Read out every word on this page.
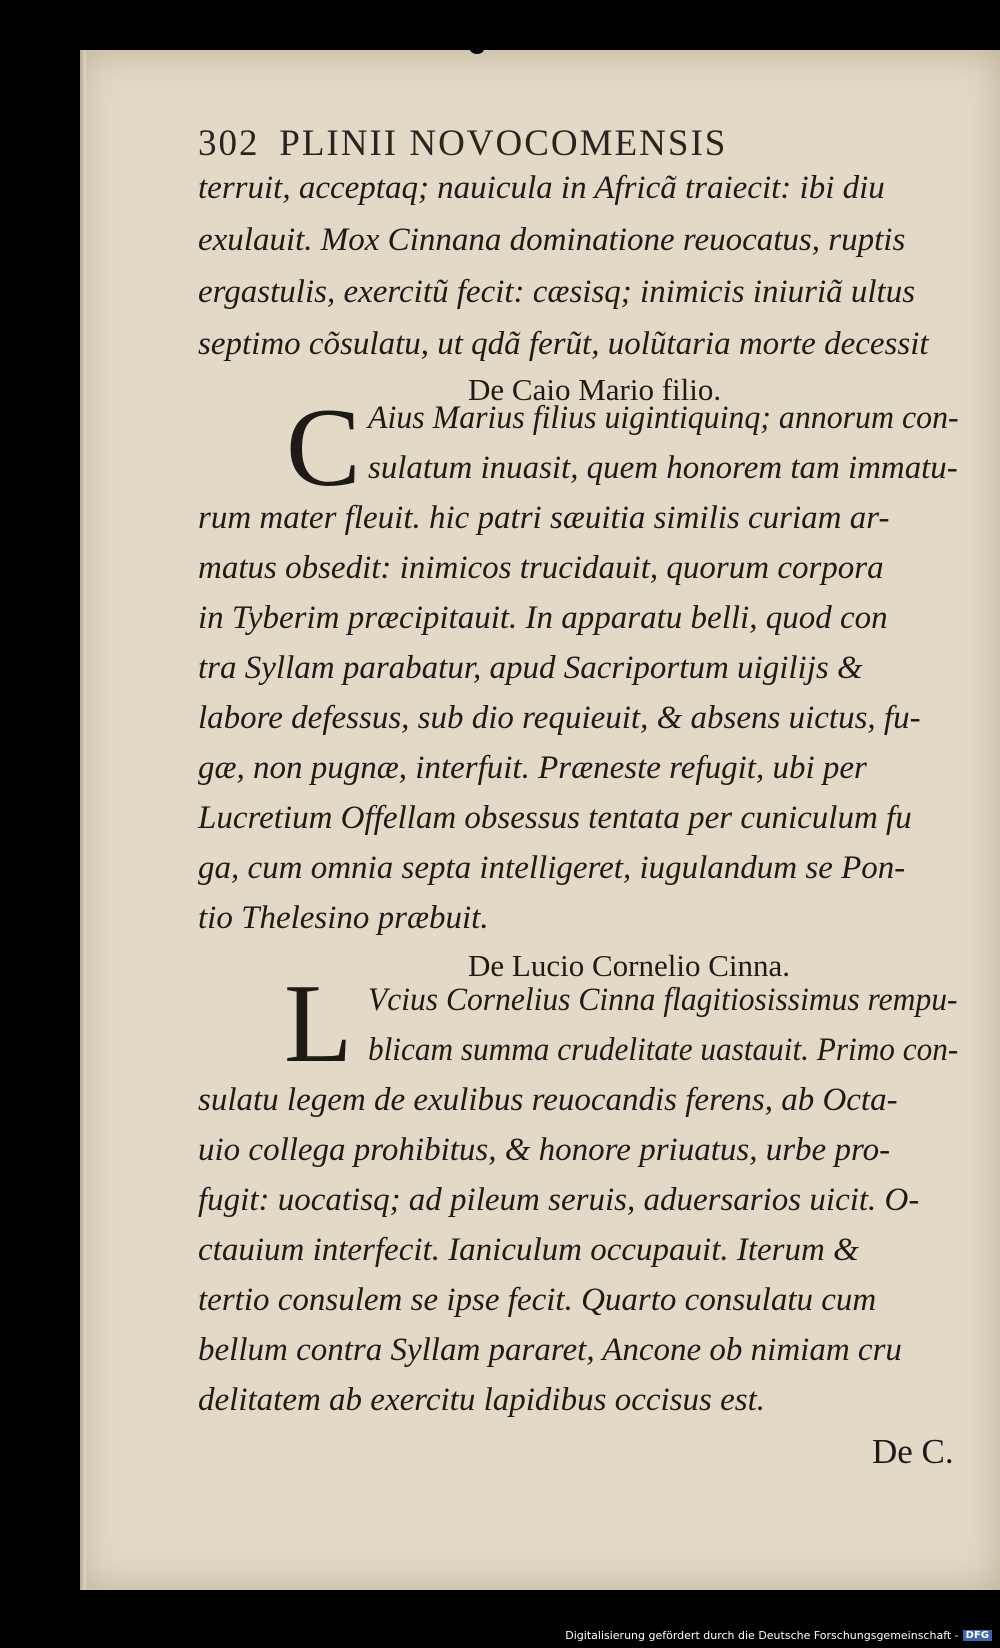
302 PLINII NOVOCOMENSIS
terruit, acceptaq; nauicula in Africã traiecit: ibi diu
exulauit. Mox Cinnana dominatione reuocatus, ruptis
ergastulis, exercitũ fecit: cæsisq; inimicis iniuriã ultus
septimo cõsulatu, ut qdã ferũt, uolũtaria morte decessit
De Caio Mario filio.
C Aius Marius filius uigintiquinq; annorum con-
sulatum inuasit, quem honorem tam immatu-
rum mater fleuit. hic patri sæuitia similis curiam ar-
matus obsedit: inimicos trucidauit, quorum corpora
in Tyberim præcipitauit. In apparatu belli, quod con
tra Syllam parabatur, apud Sacriportum uigilijs &
labore defessus, sub dio requieuit, & absens uictus, fu-
gæ, non pugnæ, interfuit. Præneste refugit, ubi per
Lucretium Offellam obsessus tentata per cuniculum fu
ga, cum omnia septa intelligeret, iugulandum se Pon-
tio Thelesino præbuit.
De Lucio Cornelio Cinna.
L Vcius Cornelius Cinna flagitiosissimus rempu-
blicam summa crudelitate uastauit. Primo con-
sulatu legem de exulibus reuocandis ferens, ab Octa-
uio collega prohibitus, & honore priuatus, urbe pro-
fugit: uocatisq; ad pileum seruis, aduersarios uicit. O-
ctauium interfecit. Ianiculum occupauit. Iterum &
tertio consulem se ipse fecit. Quarto consulatu cum
bellum contra Syllam pararet, Ancone ob nimiam cru
delitatem ab exercitu lapidibus occisus est.
De C.
Digitalisierung gefördert durch die Deutsche Forschungsgemeinschaft - DFG
